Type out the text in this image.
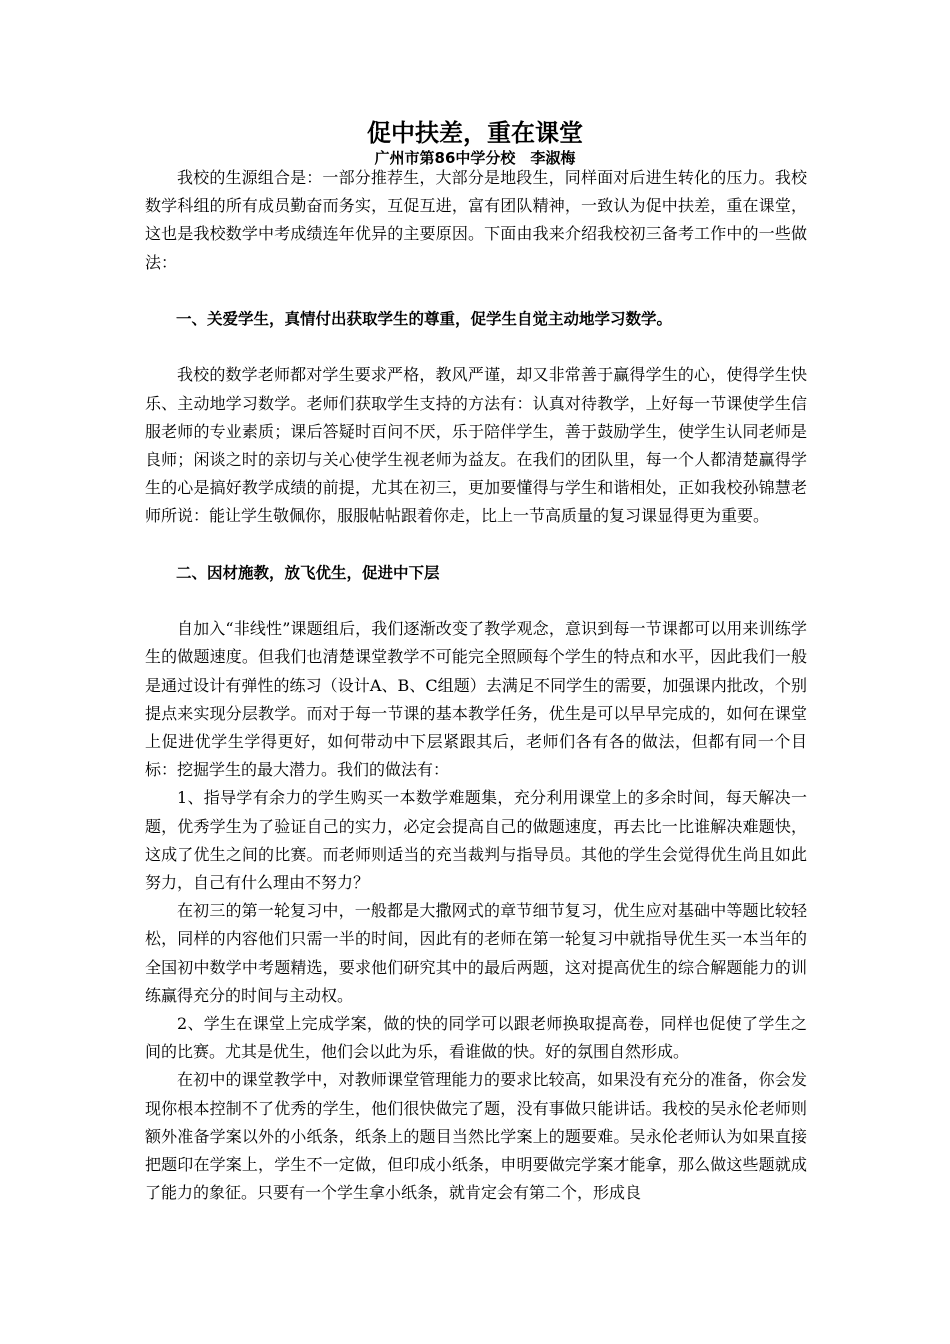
促中扶差，重在课堂
广州市第86中学分校　李淑梅

我校的生源组合是：一部分推荐生，大部分是地段生，同样面对后进生转化的压力。我校数学科组的所有成员勤奋而务实，互促互进，富有团队精神，一致认为促中扶差，重在课堂，这也是我校数学中考成绩连年优异的主要原因。下面由我来介绍我校初三备考工作中的一些做法：

一、关爱学生，真情付出获取学生的尊重，促学生自觉主动地学习数学。

我校的数学老师都对学生要求严格，教风严谨，却又非常善于赢得学生的心，使得学生快乐、主动地学习数学。老师们获取学生支持的方法有：认真对待教学，上好每一节课使学生信服老师的专业素质；课后答疑时百问不厌，乐于陪伴学生，善于鼓励学生，使学生认同老师是良师；闲谈之时的亲切与关心使学生视老师为益友。在我们的团队里，每一个人都清楚赢得学生的心是搞好教学成绩的前提，尤其在初三，更加要懂得与学生和谐相处，正如我校孙锦慧老师所说：能让学生敬佩你，服服帖帖跟着你走，比上一节高质量的复习课显得更为重要。

二、因材施教，放飞优生，促进中下层

自加入“非线性”课题组后，我们逐渐改变了教学观念，意识到每一节课都可以用来训练学生的做题速度。但我们也清楚课堂教学不可能完全照顾每个学生的特点和水平，因此我们一般是通过设计有弹性的练习（设计A、B、C组题）去满足不同学生的需要，加强课内批改，个别提点来实现分层教学。而对于每一节课的基本教学任务，优生是可以早早完成的，如何在课堂上促进优学生学得更好，如何带动中下层紧跟其后，老师们各有各的做法，但都有同一个目标：挖掘学生的最大潜力。我们的做法有：

1、指导学有余力的学生购买一本数学难题集，充分利用课堂上的多余时间，每天解决一题，优秀学生为了验证自己的实力，必定会提高自己的做题速度，再去比一比谁解决难题快，这成了优生之间的比赛。而老师则适当的充当裁判与指导员。其他的学生会觉得优生尚且如此努力，自己有什么理由不努力？

在初三的第一轮复习中，一般都是大撒网式的章节细节复习，优生应对基础中等题比较轻松，同样的内容他们只需一半的时间，因此有的老师在第一轮复习中就指导优生买一本当年的全国初中数学中考题精选，要求他们研究其中的最后两题，这对提高优生的综合解题能力的训练赢得充分的时间与主动权。

2、学生在课堂上完成学案，做的快的同学可以跟老师换取提高卷，同样也促使了学生之间的比赛。尤其是优生，他们会以此为乐，看谁做的快。好的氛围自然形成。

在初中的课堂教学中，对教师课堂管理能力的要求比较高，如果没有充分的准备，你会发现你根本控制不了优秀的学生，他们很快做完了题，没有事做只能讲话。我校的吴永伦老师则额外准备学案以外的小纸条，纸条上的题目当然比学案上的题要难。吴永伦老师认为如果直接把题印在学案上，学生不一定做，但印成小纸条，申明要做完学案才能拿，那么做这些题就成了能力的象征。只要有一个学生拿小纸条，就肯定会有第二个，形成良
